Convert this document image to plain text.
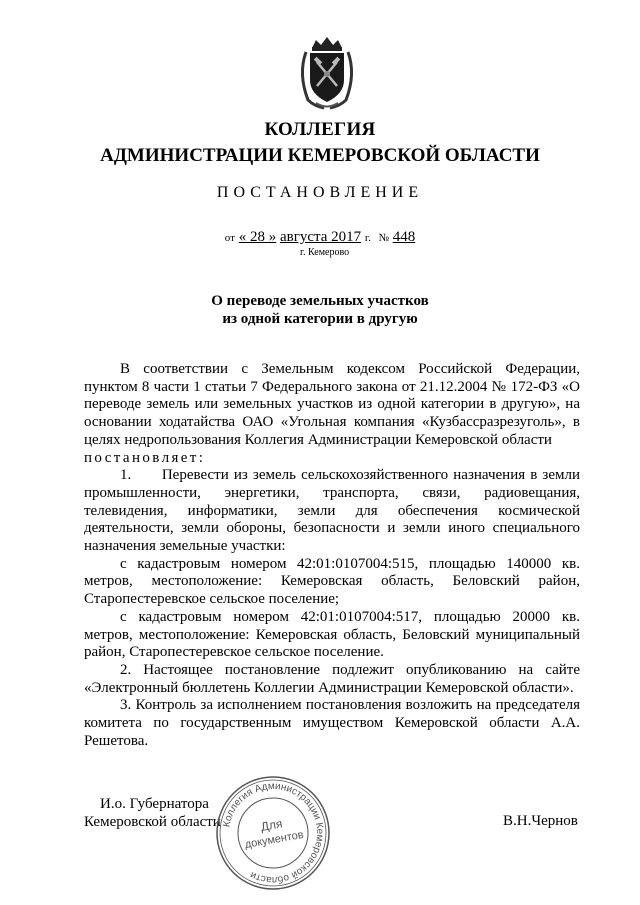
КОЛЛЕГИЯ
АДМИНИСТРАЦИИ КЕМЕРОВСКОЙ ОБЛАСТИ
ПОСТАНОВЛЕНИЕ
от « 28 » августа 2017 г. № 448
г. Кемерово
О переводе земельных участков
из одной категории в другую

В соответствии с Земельным кодексом Российской Федерации, пунктом 8 части 1 статьи 7 Федерального закона от 21.12.2004 № 172-ФЗ «О переводе земель или земельных участков из одной категории в другую», на основании ходатайства ОАО «Угольная компания «Кузбассразрезуголь», в целях недропользования Коллегия Администрации Кемеровской области
постановляет:

1.      Перевести из земель сельскохозяйственного назначения в земли промышленности, энергетики, транспорта, связи, радиовещания, телевидения, информатики, земли для обеспечения космической деятельности, земли обороны, безопасности и земли иного специального назначения земельные участки:

с кадастровым номером 42:01:0107004:515, площадью 140000 кв. метров, местоположение: Кемеровская область, Беловский район, Старопестеревское сельское поселение;

с кадастровым номером 42:01:0107004:517, площадью 20000 кв. метров, местоположение: Кемеровская область, Беловский муниципальный район, Старопестеревское сельское поселение.

2. Настоящее постановление подлежит опубликованию на сайте «Электронный бюллетень Коллегии Администрации Кемеровской области».

3. Контроль за исполнением постановления возложить на председателя комитета по государственным имуществом Кемеровской области А.А. Решетова.

И.о. Губернатора
Кемеровской области	В.Н.Чернов
Коллегия Администрации Кемеровской области
Для
документов
